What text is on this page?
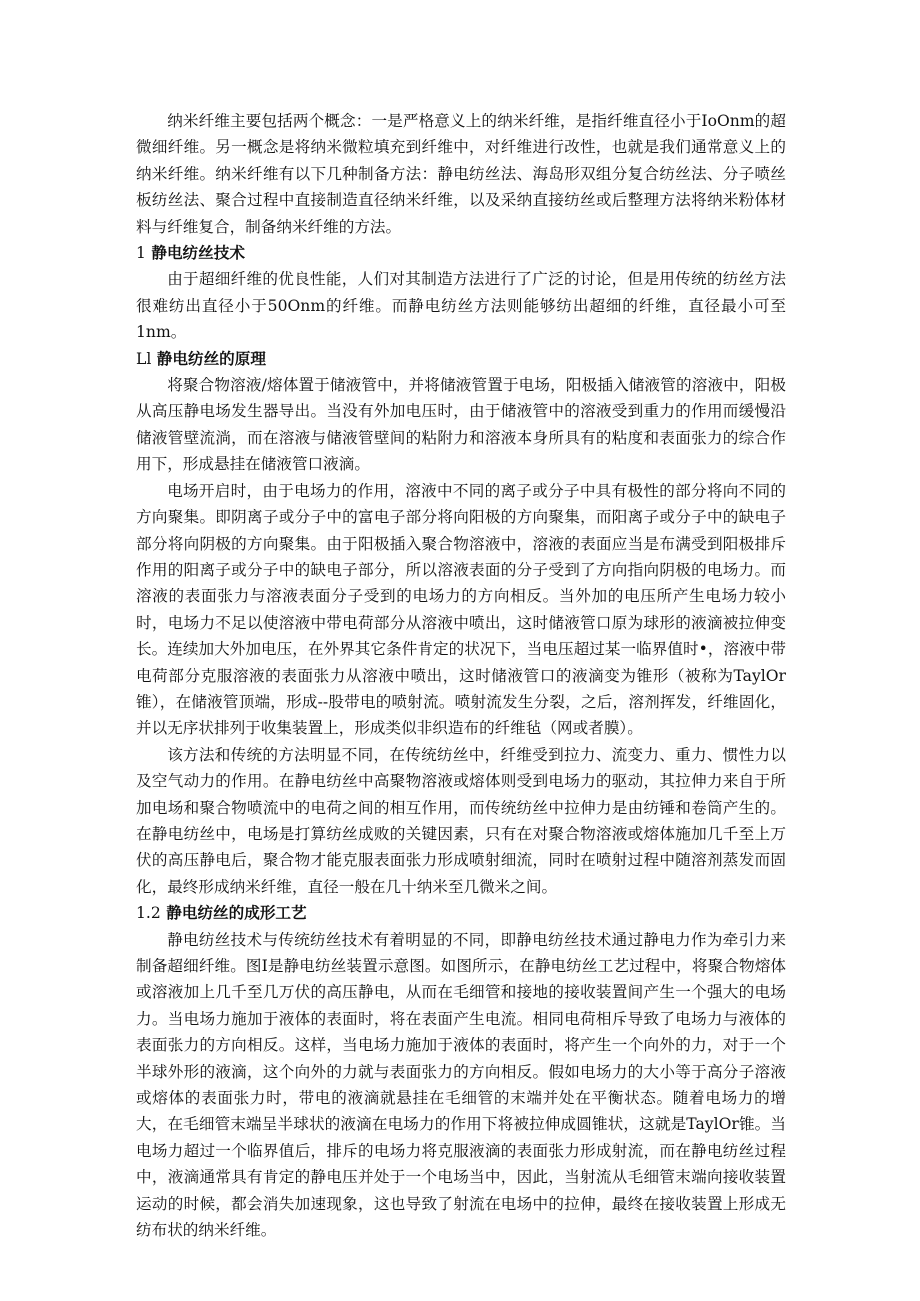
纳米纤维主要包括两个概念：一是严格意义上的纳米纤维，是指纤维直径小于IoOnm的超微细纤维。另一概念是将纳米微粒填充到纤维中，对纤维进行改性，也就是我们通常意义上的纳米纤维。纳米纤维有以下几种制备方法：静电纺丝法、海岛形双组分复合纺丝法、分子喷丝板纺丝法、聚合过程中直接制造直径纳米纤维，以及采纳直接纺丝或后整理方法将纳米粉体材料与纤维复合，制备纳米纤维的方法。

1 静电纺丝技术

由于超细纤维的优良性能，人们对其制造方法进行了广泛的讨论，但是用传统的纺丝方法很难纺出直径小于50Onm的纤维。而静电纺丝方法则能够纺出超细的纤维，直径最小可至1nm。

Ll 静电纺丝的原理

将聚合物溶液/熔体置于储液管中，并将储液管置于电场，阳极插入储液管的溶液中，阳极从高压静电场发生器导出。当没有外加电压时，由于储液管中的溶液受到重力的作用而缓慢沿储液管壁流淌，而在溶液与储液管壁间的粘附力和溶液本身所具有的粘度和表面张力的综合作用下，形成悬挂在储液管口液滴。

电场开启时，由于电场力的作用，溶液中不同的离子或分子中具有极性的部分将向不同的方向聚集。即阴离子或分子中的富电子部分将向阳极的方向聚集，而阳离子或分子中的缺电子部分将向阴极的方向聚集。由于阳极插入聚合物溶液中，溶液的表面应当是布满受到阳极排斥作用的阳离子或分子中的缺电子部分，所以溶液表面的分子受到了方向指向阴极的电场力。而溶液的表面张力与溶液表面分子受到的电场力的方向相反。当外加的电压所产生电场力较小时，电场力不足以使溶液中带电荷部分从溶液中喷出，这时储液管口原为球形的液滴被拉伸变长。连续加大外加电压，在外界其它条件肯定的状况下，当电压超过某一临界值时•，溶液中带电荷部分克服溶液的表面张力从溶液中喷出，这时储液管口的液滴变为锥形（被称为TaylOr锥），在储液管顶端，形成--股带电的喷射流。喷射流发生分裂，之后，溶剂挥发，纤维固化，并以无序状排列于收集装置上，形成类似非织造布的纤维毡（网或者膜）。

该方法和传统的方法明显不同，在传统纺丝中，纤维受到拉力、流变力、重力、惯性力以及空气动力的作用。在静电纺丝中高聚物溶液或熔体则受到电场力的驱动，其拉伸力来自于所加电场和聚合物喷流中的电荷之间的相互作用，而传统纺丝中拉伸力是由纺锤和卷筒产生的。在静电纺丝中，电场是打算纺丝成败的关键因素，只有在对聚合物溶液或熔体施加几千至上万伏的高压静电后，聚合物才能克服表面张力形成喷射细流，同时在喷射过程中随溶剂蒸发而固化，最终形成纳米纤维，直径一般在几十纳米至几微米之间。

1.2 静电纺丝的成形工艺

静电纺丝技术与传统纺丝技术有着明显的不同，即静电纺丝技术通过静电力作为牵引力来制备超细纤维。图I是静电纺丝装置示意图。如图所示，在静电纺丝工艺过程中，将聚合物熔体或溶液加上几千至几万伏的高压静电，从而在毛细管和接地的接收装置间产生一个强大的电场力。当电场力施加于液体的表面时，将在表面产生电流。相同电荷相斥导致了电场力与液体的表面张力的方向相反。这样，当电场力施加于液体的表面时，将产生一个向外的力，对于一个半球外形的液滴，这个向外的力就与表面张力的方向相反。假如电场力的大小等于高分子溶液或熔体的表面张力时，带电的液滴就悬挂在毛细管的末端并处在平衡状态。随着电场力的增大，在毛细管末端呈半球状的液滴在电场力的作用下将被拉伸成圆锥状，这就是TaylOr锥。当电场力超过一个临界值后，排斥的电场力将克服液滴的表面张力形成射流，而在静电纺丝过程中，液滴通常具有肯定的静电压并处于一个电场当中，因此，当射流从毛细管末端向接收装置运动的时候，都会消失加速现象，这也导致了射流在电场中的拉伸，最终在接收装置上形成无纺布状的纳米纤维。
